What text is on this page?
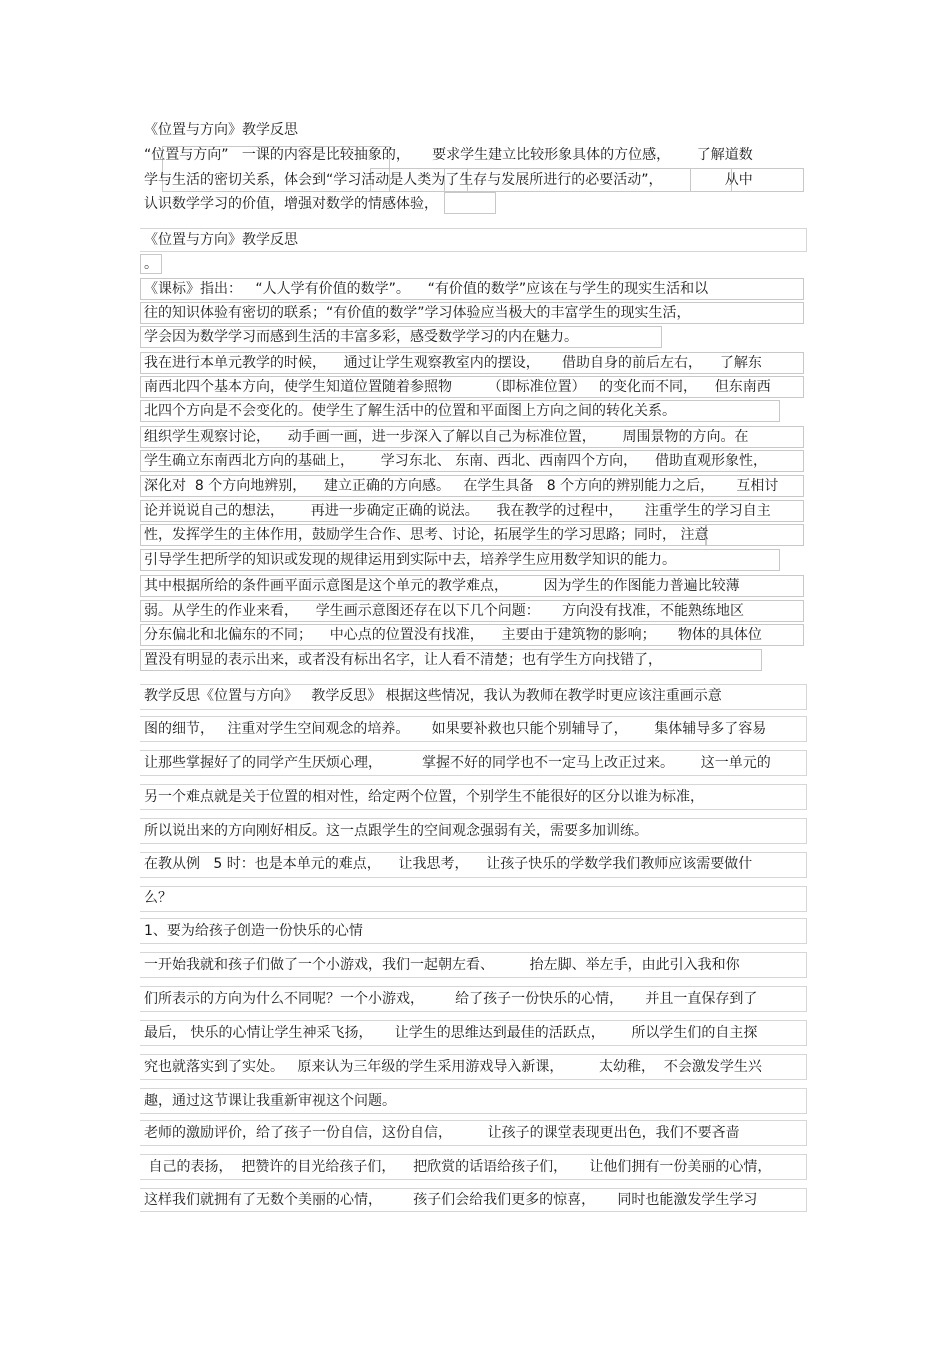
《位置与方向》教学反思
“位置与方向”   一课的内容是比较抽象的，     要求学生建立比较形象具体的方位感，      了解道数
学与生活的密切关系，体会到“学习活动是人类为了生存与发展所进行的必要活动”，              从中
认识数学学习的价值，增强对数学的情感体验，
《位置与方向》教学反思
。
《课标》指出：   “人人学有价值的数学”。    “有价值的数学”应该在与学生的现实生活和以
往的知识体验有密切的联系；“有价值的数学”学习体验应当极大的丰富学生的现实生活，
学会因为数学学习而感到生活的丰富多彩，感受数学学习的内在魅力。
我在进行本单元教学的时候，    通过让学生观察教室内的摆设，     借助自身的前后左右，    了解东
南西北四个基本方向，使学生知道位置随着参照物        （即标准位置）   的变化而不同，    但东南西
北四个方向是不会变化的。使学生了解生活中的位置和平面图上方向之间的转化关系。
组织学生观察讨论，    动手画一画，进一步深入了解以自己为标准位置，      周围景物的方向。在
学生确立东南西北方向的基础上，      学习东北、 东南、西北、西南四个方向，    借助直观形象性，
深化对  8 个方向地辨别，    建立正确的方向感。   在学生具备   8 个方向的辨别能力之后，     互相讨
论并说说自己的想法，      再进一步确定正确的说法。    我在教学的过程中，     注重学生的学习自主
性，发挥学生的主体作用，鼓励学生合作、思考、讨论，拓展学生的学习思路；同时， 注意
引导学生把所学的知识或发现的规律运用到实际中去，培养学生应用数学知识的能力。
其中根据所给的条件画平面示意图是这个单元的教学难点，        因为学生的作图能力普遍比较薄
弱。从学生的作业来看，    学生画示意图还存在以下几个问题：     方向没有找准，不能熟练地区
分东偏北和北偏东的不同；    中心点的位置没有找准，    主要由于建筑物的影响；     物体的具体位
置没有明显的表示出来，或者没有标出名字，让人看不清楚；也有学生方向找错了，
教学反思《位置与方向》   教学反思》 根据这些情况，我认为教师在教学时更应该注重画示意
图的细节，   注重对学生空间观念的培养。     如果要补救也只能个别辅导了，      集体辅导多了容易
让那些掌握好了的同学产生厌烦心理，         掌握不好的同学也不一定马上改正过来。      这一单元的
另一个难点就是关于位置的相对性，给定两个位置，个别学生不能很好的区分以谁为标准，
所以说出来的方向刚好相反。这一点跟学生的空间观念强弱有关，需要多加训练。
在教从例   5 时：也是本单元的难点，    让我思考，    让孩子快乐的学数学我们教师应该需要做什
么？
1、要为给孩子创造一份快乐的心情
一开始我就和孩子们做了一个小游戏，我们一起朝左看、        抬左脚、举左手，由此引入我和你
们所表示的方向为什么不同呢？一个小游戏，       给了孩子一份快乐的心情，     并且一直保存到了
最后， 快乐的心情让学生神采飞扬，     让学生的思维达到最佳的活跃点，      所以学生们的自主探
究也就落实到了实处。   原来认为三年级的学生采用游戏导入新课，        太幼稚，  不会激发学生兴
趣，通过这节课让我重新审视这个问题。
老师的激励评价，给了孩子一份自信，这份自信，        让孩子的课堂表现更出色，我们不要吝啬
自己的表扬，  把赞许的目光给孩子们，    把欣赏的话语给孩子们，     让他们拥有一份美丽的心情，
这样我们就拥有了无数个美丽的心情，       孩子们会给我们更多的惊喜，     同时也能激发学生学习
